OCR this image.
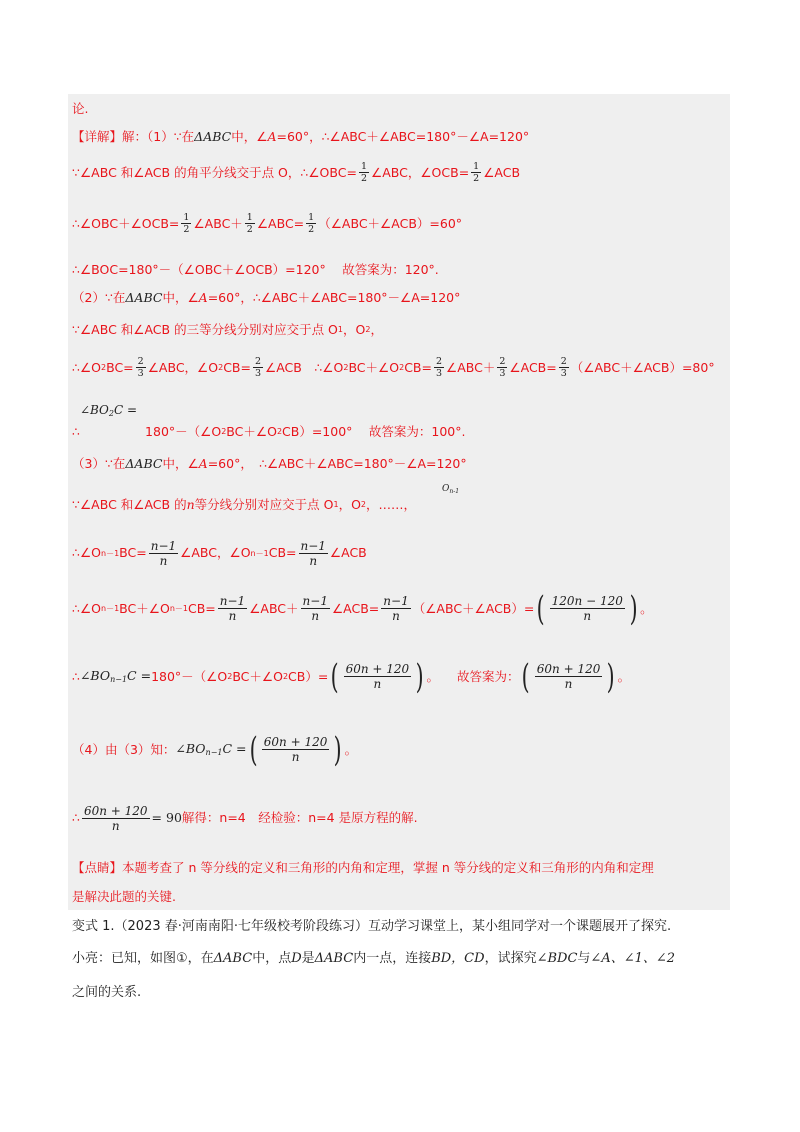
论.
【详解】 解：（1）∵在 ΔABC 中，∠ A =60°，∴∠ABC＋∠ABC=180°－∠A=120°
∵∠ABC 和∠ACB 的角平分线交于点 O，∴∠OBC= $\frac{1}{2}$ ∠ABC，∠OCB= $\frac{1}{2}$ ∠ACB
∴∠OBC＋∠OCB= $\frac{1}{2}$ ∠ABC＋ $\frac{1}{2}$ ∠ABC= $\frac{1}{2}$ （∠ABC＋∠ACB）=60°
∴∠BOC=180°－（∠OBC＋∠OCB）=120°　 故答案为：120°.
（2）∵在 ΔABC 中，∠ A =60°，∴∠ABC＋∠ABC=180°－∠A=120°
∵∠ABC 和∠ACB 的三等分线分别对应交于点 O 1 ，O 2 ，
∴∠O 2 $BC= \frac{2}{3}$ ∠ABC，∠O 2 $CB= \frac{2}{3}$ ∠ACB　∴∠O 2 BC＋∠O 2 $CB= \frac{2}{3}$ ∠ABC＋ $\frac{2}{3}$ ∠ACB= $\frac{2}{3}$ （∠ABC＋∠ACB）=80°
∴
$\angle BO_2C$ =
180°－（∠O 2 BC＋∠O 2 CB）=100°　 故答案为：100°.
（3）∵在 ΔABC 中，∠ A =60°，　∴∠ABC＋∠ABC=180°－∠A=120°
∵∠ABC 和∠ACB 的 n 等分线分别对应交于点 O 1 ，O 2 ，……，
$O_{n-1}$
∴∠O n－1 $BC= \frac{n-1}{n}$ ∠ABC，∠O n－1 $CB= \frac{n-1}{n}$ ∠ACB
∴∠O n－1 BC＋∠O n－1 $CB= \frac{n-1}{n}$ ∠ABC＋ $\frac{n-1}{n}$ ∠ACB= $\frac{n-1}{n}$ （∠ABC＋∠ACB）= ( $\frac{120n - 120}{n}$ ) 。
∴ $\angle BO_{n-1}C$ = 180°－（∠O 2 BC＋∠O 2 CB）= ( $\frac{60n + 120}{n}$ ) 。 故答案为： ( $\frac{60n + 120}{n}$ ) 。
（4）由（3）知： $\angle BO_{n-1}C$ = ( $\frac{60n + 120}{n}$ ) 。
∴ $\frac{60n + 120}{n} = 90$ 解得：n=4　经检验：n=4 是原方程的解.
【点睛】 本题考查了 n 等分线的定义和三角形的内角和定理，掌握 n 等分线的定义和三角形的内角和定理
是解决此题的关键.
变式 1.（2023 春·河南南阳·七年级校考阶段练习）互动学习课堂上，某小组同学对一个课题展开了探究.
小亮：已知，如图①，在 ΔABC 中，点 D 是 ΔABC 内一点，连接 BD，CD ，试探究 ∠BDC 与 ∠A、∠1、∠2
之间的关系.
